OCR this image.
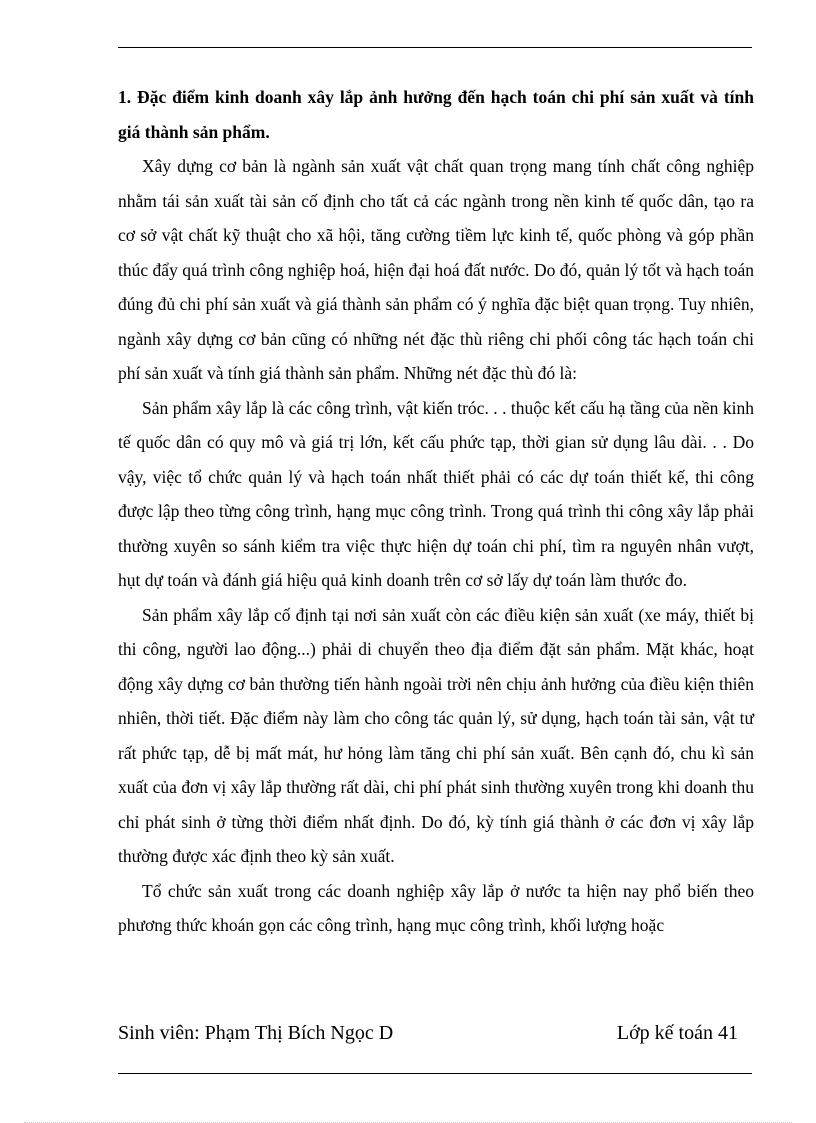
1. Đặc điểm kinh doanh xây lắp ảnh hưởng đến hạch toán chi phí sản xuất và tính giá thành sản phẩm.

Xây dựng cơ bản là ngành sản xuất vật chất quan trọng mang tính chất công nghiệp nhằm tái sản xuất tài sản cố định cho tất cả các ngành trong nền kinh tế quốc dân, tạo ra cơ sở vật chất kỹ thuật cho xã hội, tăng cường tiềm lực kinh tế, quốc phòng và góp phần thúc đẩy quá trình công nghiệp hoá, hiện đại hoá đất nước. Do đó, quản lý tốt và hạch toán đúng đủ chi phí sản xuất và giá thành sản phẩm có ý nghĩa đặc biệt quan trọng. Tuy nhiên, ngành xây dựng cơ bản cũng có những nét đặc thù riêng chi phối công tác hạch toán chi phí sản xuất và tính giá thành sản phẩm. Những nét đặc thù đó là:

Sản phẩm xây lắp là các công trình, vật kiến tróc. . . thuộc kết cấu hạ tầng của nền kinh tế quốc dân có quy mô và giá trị lớn, kết cấu phức tạp, thời gian sử dụng lâu dài. . . Do vậy, việc tổ chức quản lý và hạch toán nhất thiết phải có các dự toán thiết kế, thi công được lập theo từng công trình, hạng mục công trình. Trong quá trình thi công xây lắp phải thường xuyên so sánh kiểm tra việc thực hiện dự toán chi phí, tìm ra nguyên nhân vượt, hụt dự toán và đánh giá hiệu quả kinh doanh trên cơ sở lấy dự toán làm thước đo.

Sản phẩm xây lắp cố định tại nơi sản xuất còn các điều kiện sản xuất (xe máy, thiết bị thi công, người lao động...) phải di chuyển theo địa điểm đặt sản phẩm. Mặt khác, hoạt động xây dựng cơ bản thường tiến hành ngoài trời nên chịu ảnh hưởng của điều kiện thiên nhiên, thời tiết. Đặc điểm này làm cho công tác quản lý, sử dụng, hạch toán tài sản, vật tư rất phức tạp, dễ bị mất mát, hư hỏng làm tăng chi phí sản xuất. Bên cạnh đó, chu kì sản xuất của đơn vị xây lắp thường rất dài, chi phí phát sinh thường xuyên trong khi doanh thu chỉ phát sinh ở từng thời điểm nhất định. Do đó, kỳ tính giá thành ở các đơn vị xây lắp thường được xác định theo kỳ sản xuất.

Tổ chức sản xuất trong các doanh nghiệp xây lắp ở nước ta hiện nay phổ biến theo phương thức khoán gọn các công trình, hạng mục công trình, khối lượng hoặc

Sinh viên: Phạm Thị Bích Ngọc D	Lớp kế toán 41
